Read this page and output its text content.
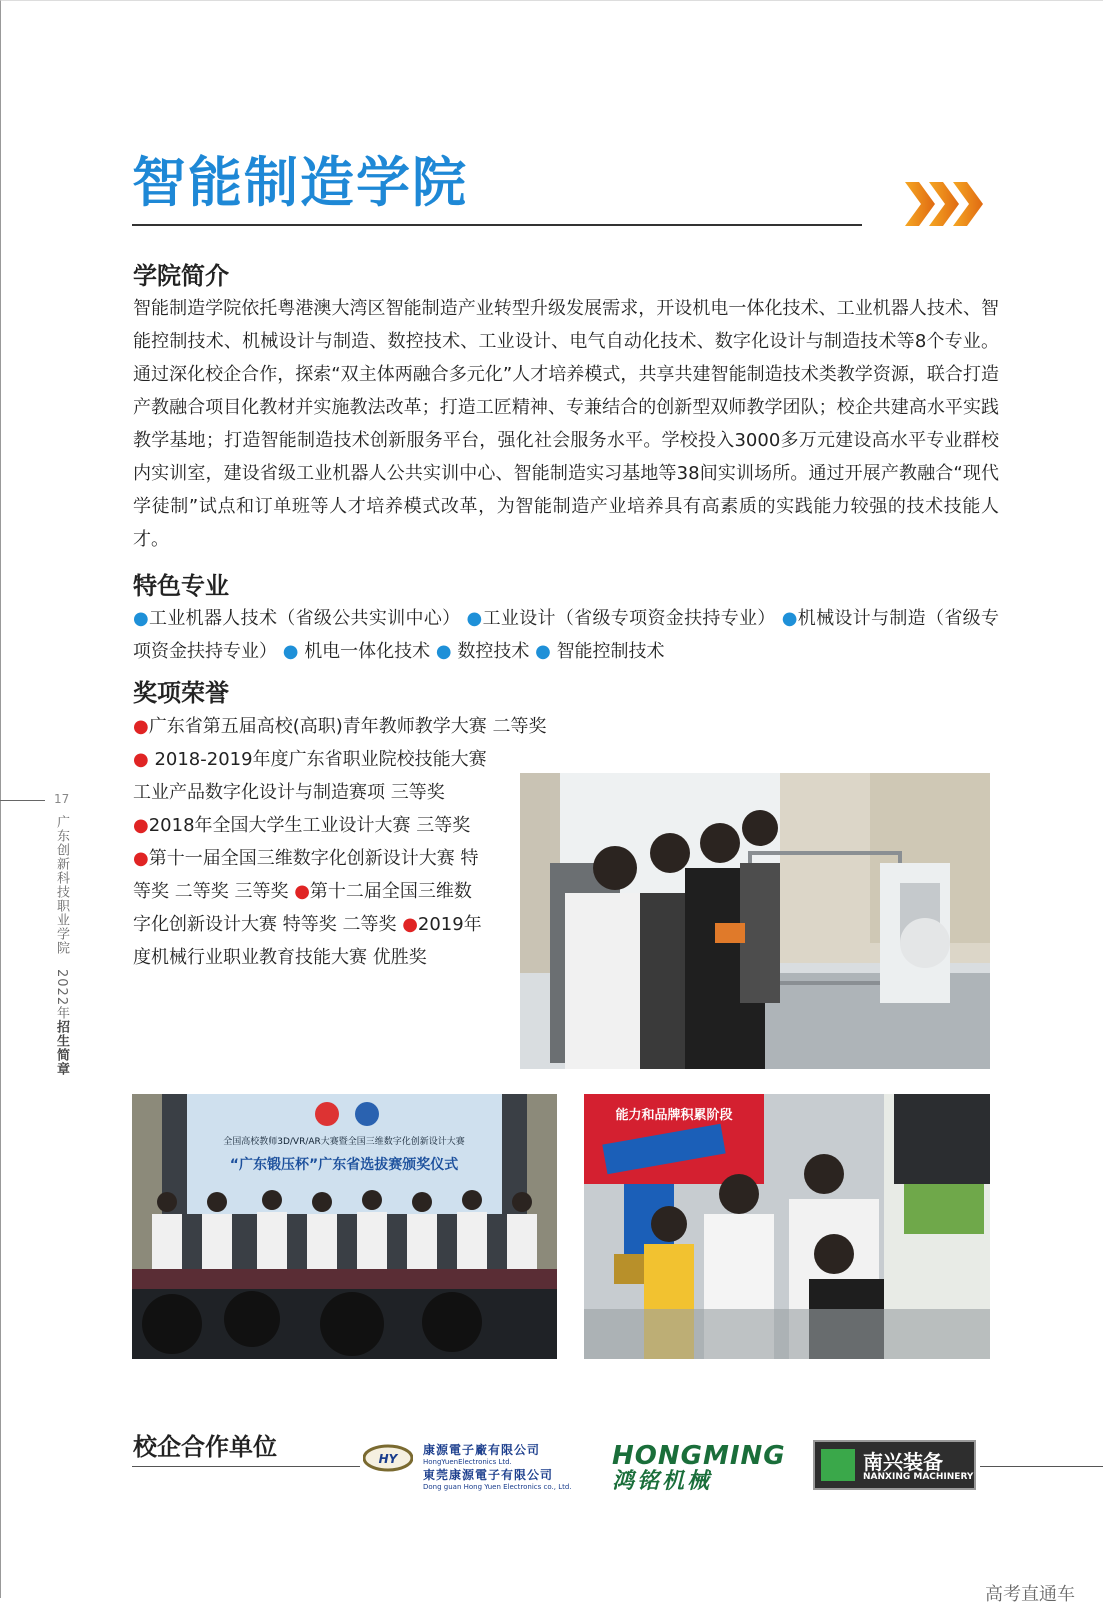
智能制造学院
学院简介
智能制造学院依托粤港澳大湾区智能制造产业转型升级发展需求，开设机电一体化技术、工业机器人技术、智能控制技术、机械设计与制造、数控技术、工业设计、电气自动化技术、数字化设计与制造技术等8个专业。通过深化校企合作，探索“双主体两融合多元化”人才培养模式，共享共建智能制造技术类教学资源，联合打造产教融合项目化教材并实施教法改革；打造工匠精神、专兼结合的创新型双师教学团队；校企共建高水平实践教学基地；打造智能制造技术创新服务平台，强化社会服务水平。学校投入3000多万元建设高水平专业群校内实训室，建设省级工业机器人公共实训中心、智能制造实习基地等38间实训场所。通过开展产教融合“现代学徒制”试点和订单班等人才培养模式改革，为智能制造产业培养具有高素质的实践能力较强的技术技能人才。
特色专业
●工业机器人技术（省级公共实训中心） ●工业设计（省级专项资金扶持专业） ●机械设计与制造（省级专项资金扶持专业） ● 机电一体化技术 ● 数控技术 ● 智能控制技术
奖项荣誉
●广东省第五届高校(高职)青年教师教学大赛 二等奖
● 2018-2019年度广东省职业院校技能大赛工业产品数字化设计与制造赛项 三等奖 ●2018年全国大学生工业设计大赛 三等奖 ●第十一届全国三维数字化创新设计大赛 特等奖 二等奖 三等奖 ●第十二届全国三维数字化创新设计大赛 特等奖 二等奖 ●2019年度机械行业职业教育技能大赛 优胜奖
17
广东创新科技职业学院2022年招生简章
全国高校教师3D/VR/AR大赛暨全国三维数字化创新设计大赛
“广东锻压杯”广东省选拔赛颁奖仪式
能力和品牌积累阶段
校企合作单位	HY
康源電子廠有限公司
HongYuenElectronics Ltd.
東莞康源電子有限公司
Dong guan Hong Yuen Electronics co., Ltd.
HONGMING
鸿铭机械
南兴装备
NANXING MACHINERY
高考直通车
